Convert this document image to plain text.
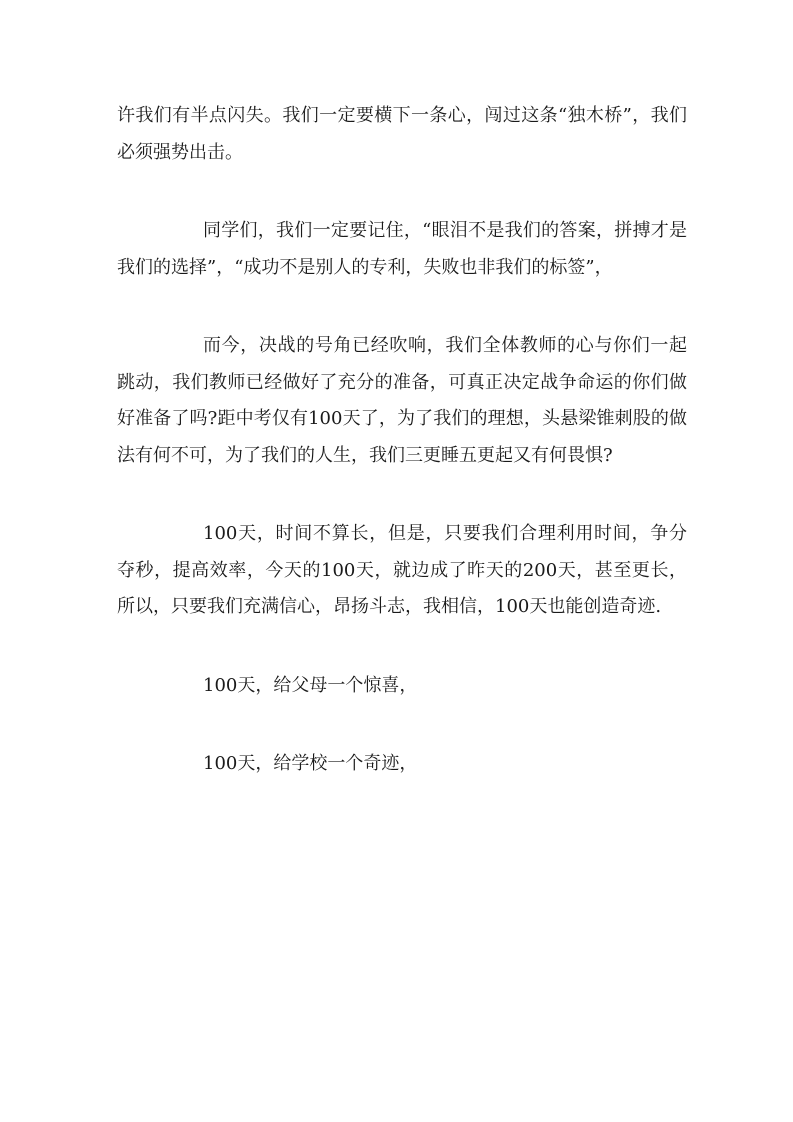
许我们有半点闪失。我们一定要横下一条心，闯过这条“独木桥”，我们必须强势出击。

同学们，我们一定要记住，“眼泪不是我们的答案，拼搏才是我们的选择”，“成功不是别人的专利，失败也非我们的标签”，

而今，决战的号角已经吹响，我们全体教师的心与你们一起跳动，我们教师已经做好了充分的准备，可真正决定战争命运的你们做好准备了吗?距中考仅有100天了，为了我们的理想，头悬梁锥刺股的做法有何不可，为了我们的人生，我们三更睡五更起又有何畏惧?

100天，时间不算长，但是，只要我们合理利用时间，争分夺秒，提高效率，今天的100天，就边成了昨天的200天，甚至更长，所以，只要我们充满信心，昂扬斗志，我相信，100天也能创造奇迹.

100天，给父母一个惊喜，

100天，给学校一个奇迹，
